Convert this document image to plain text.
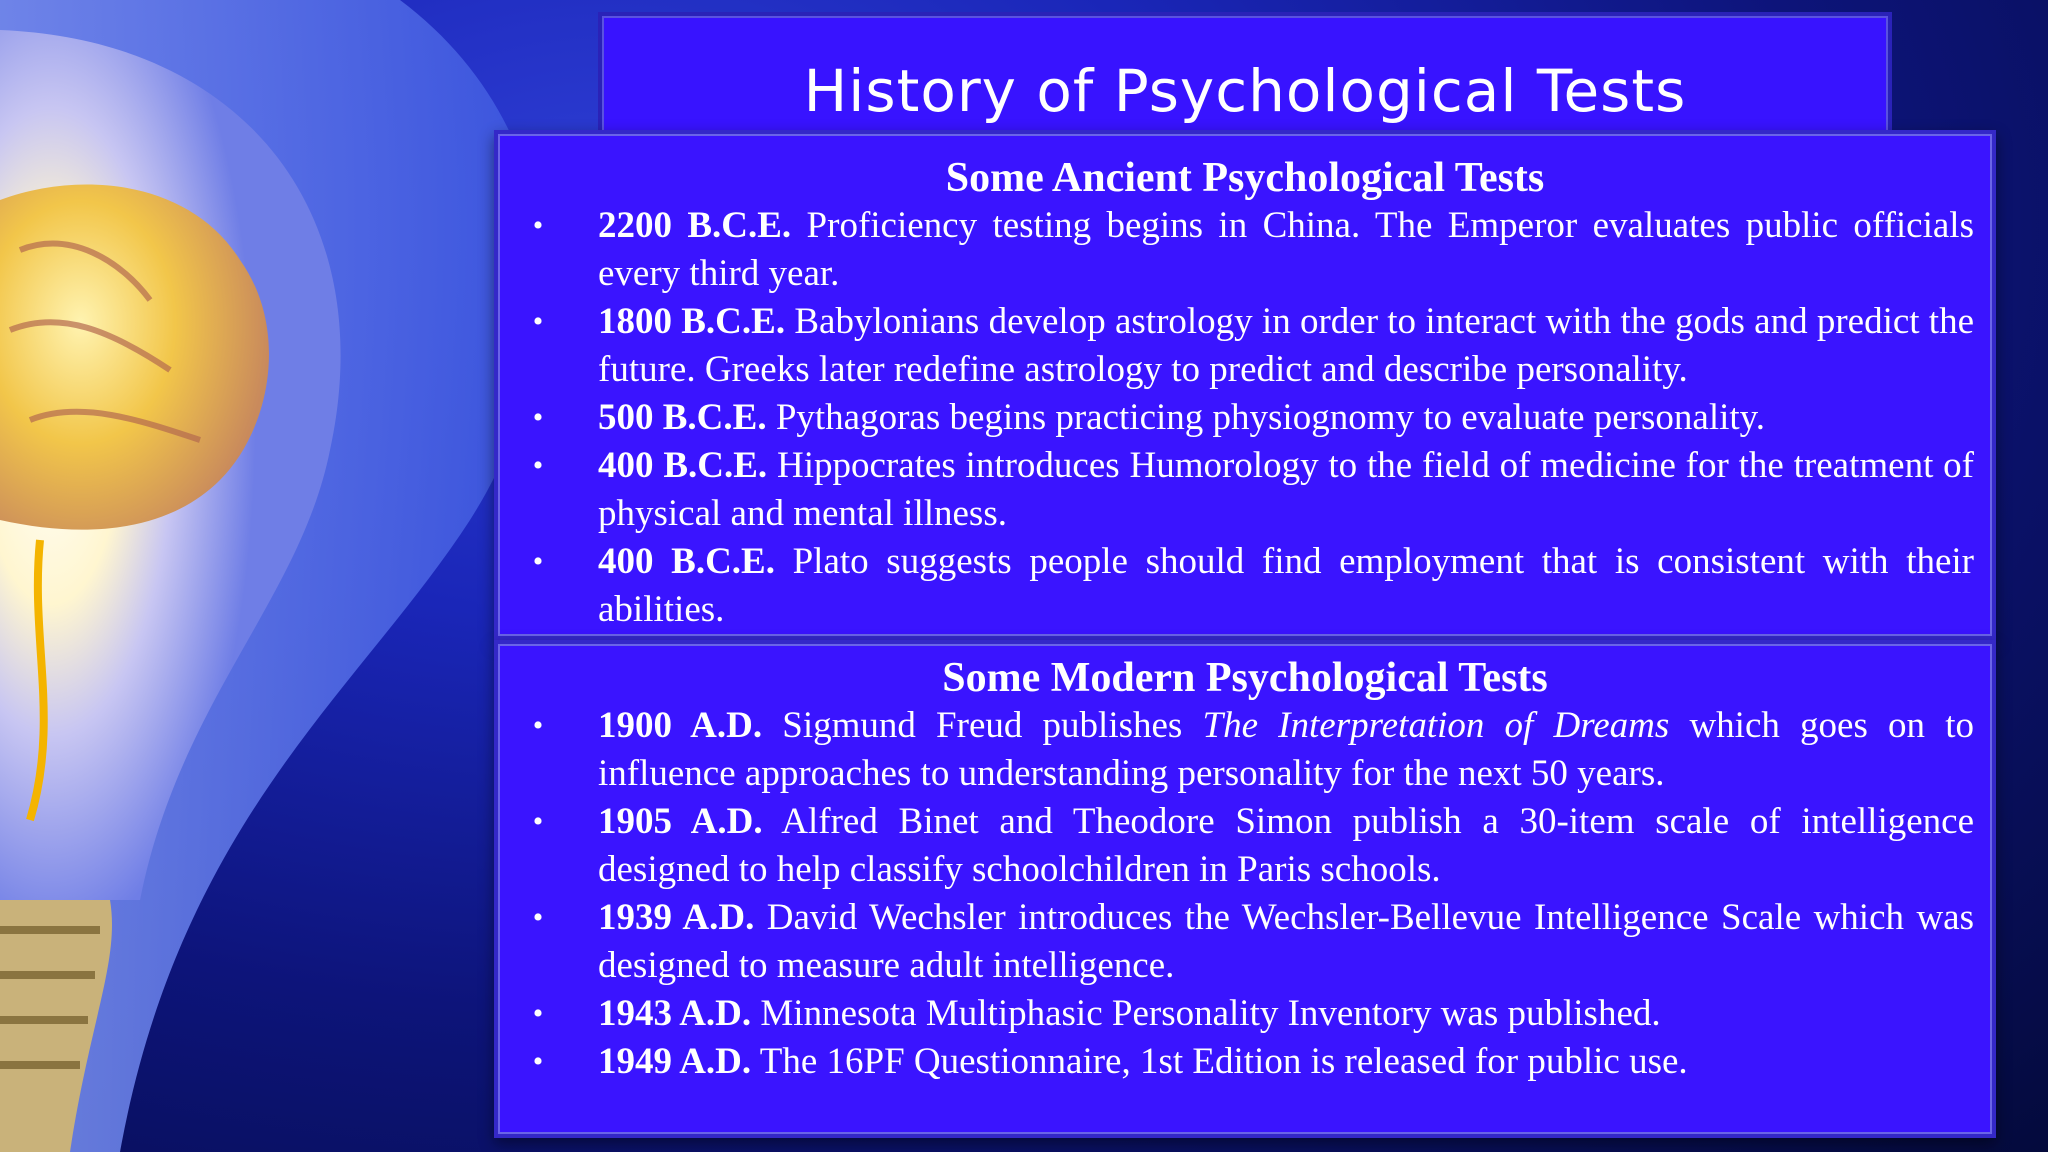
History of Psychological Tests
Some Ancient Psychological Tests
•	2200 B.C.E. Proficiency testing begins in China. The Emperor evaluates public officials every third year.
•	1800 B.C.E. Babylonians develop astrology in order to interact with the gods and predict the future. Greeks later redefine astrology to predict and describe personality.
•	500 B.C.E. Pythagoras begins practicing physiognomy to evaluate personality.
•	400 B.C.E. Hippocrates introduces Humorology to the field of medicine for the treatment of physical and mental illness.
•	400 B.C.E. Plato suggests people should find employment that is consistent with their abilities.
Some Modern Psychological Tests
•	1900 A.D. Sigmund Freud publishes The Interpretation of Dreams which goes on to influence approaches to understanding personality for the next 50 years.
•	1905 A.D. Alfred Binet and Theodore Simon publish a 30-item scale of intelligence designed to help classify schoolchildren in Paris schools.
•	1939 A.D. David Wechsler introduces the Wechsler-Bellevue Intelligence Scale which was designed to measure adult intelligence.
•	1943 A.D. Minnesota Multiphasic Personality Inventory was published.
•	1949 A.D. The 16PF Questionnaire, 1st Edition is released for public use.
